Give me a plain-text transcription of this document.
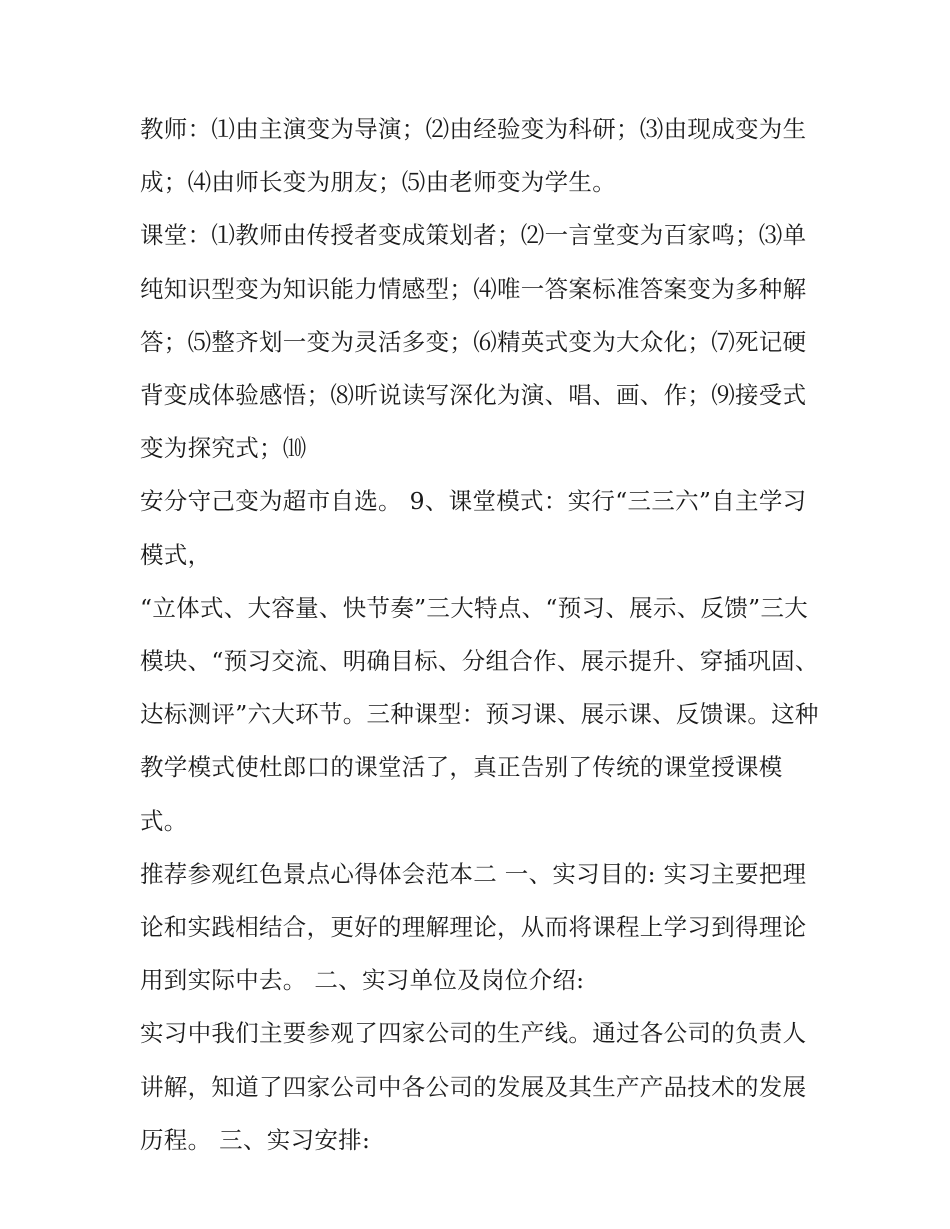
教师：⑴由主演变为导演；⑵由经验变为科研；⑶由现成变为生成；⑷由师长变为朋友；⑸由老师变为学生。

课堂：⑴教师由传授者变成策划者；⑵一言堂变为百家鸣；⑶单纯知识型变为知识能力情感型；⑷唯一答案标准答案变为多种解答；⑸整齐划一变为灵活多变；⑹精英式变为大众化；⑺死记硬背变成体验感悟；⑻听说读写深化为演、唱、画、作；⑼接受式变为探究式；⑽

安分守己变为超市自选。 9、课堂模式：实行“三三六”自主学习模式，

“立体式、大容量、快节奏”三大特点、“预习、展示、反馈”三大模块、“预习交流、明确目标、分组合作、展示提升、穿插巩固、达标测评”六大环节。三种课型：预习课、展示课、反馈课。这种教学模式使杜郎口的课堂活了，真正告别了传统的课堂授课模式。

推荐参观红色景点心得体会范本二 一、实习目的: 实习主要把理论和实践相结合，更好的理解理论，从而将课程上学习到得理论用到实际中去。 二、实习单位及岗位介绍:

实习中我们主要参观了四家公司的生产线。通过各公司的负责人讲解，知道了四家公司中各公司的发展及其生产产品技术的发展历程。 三、实习安排:
